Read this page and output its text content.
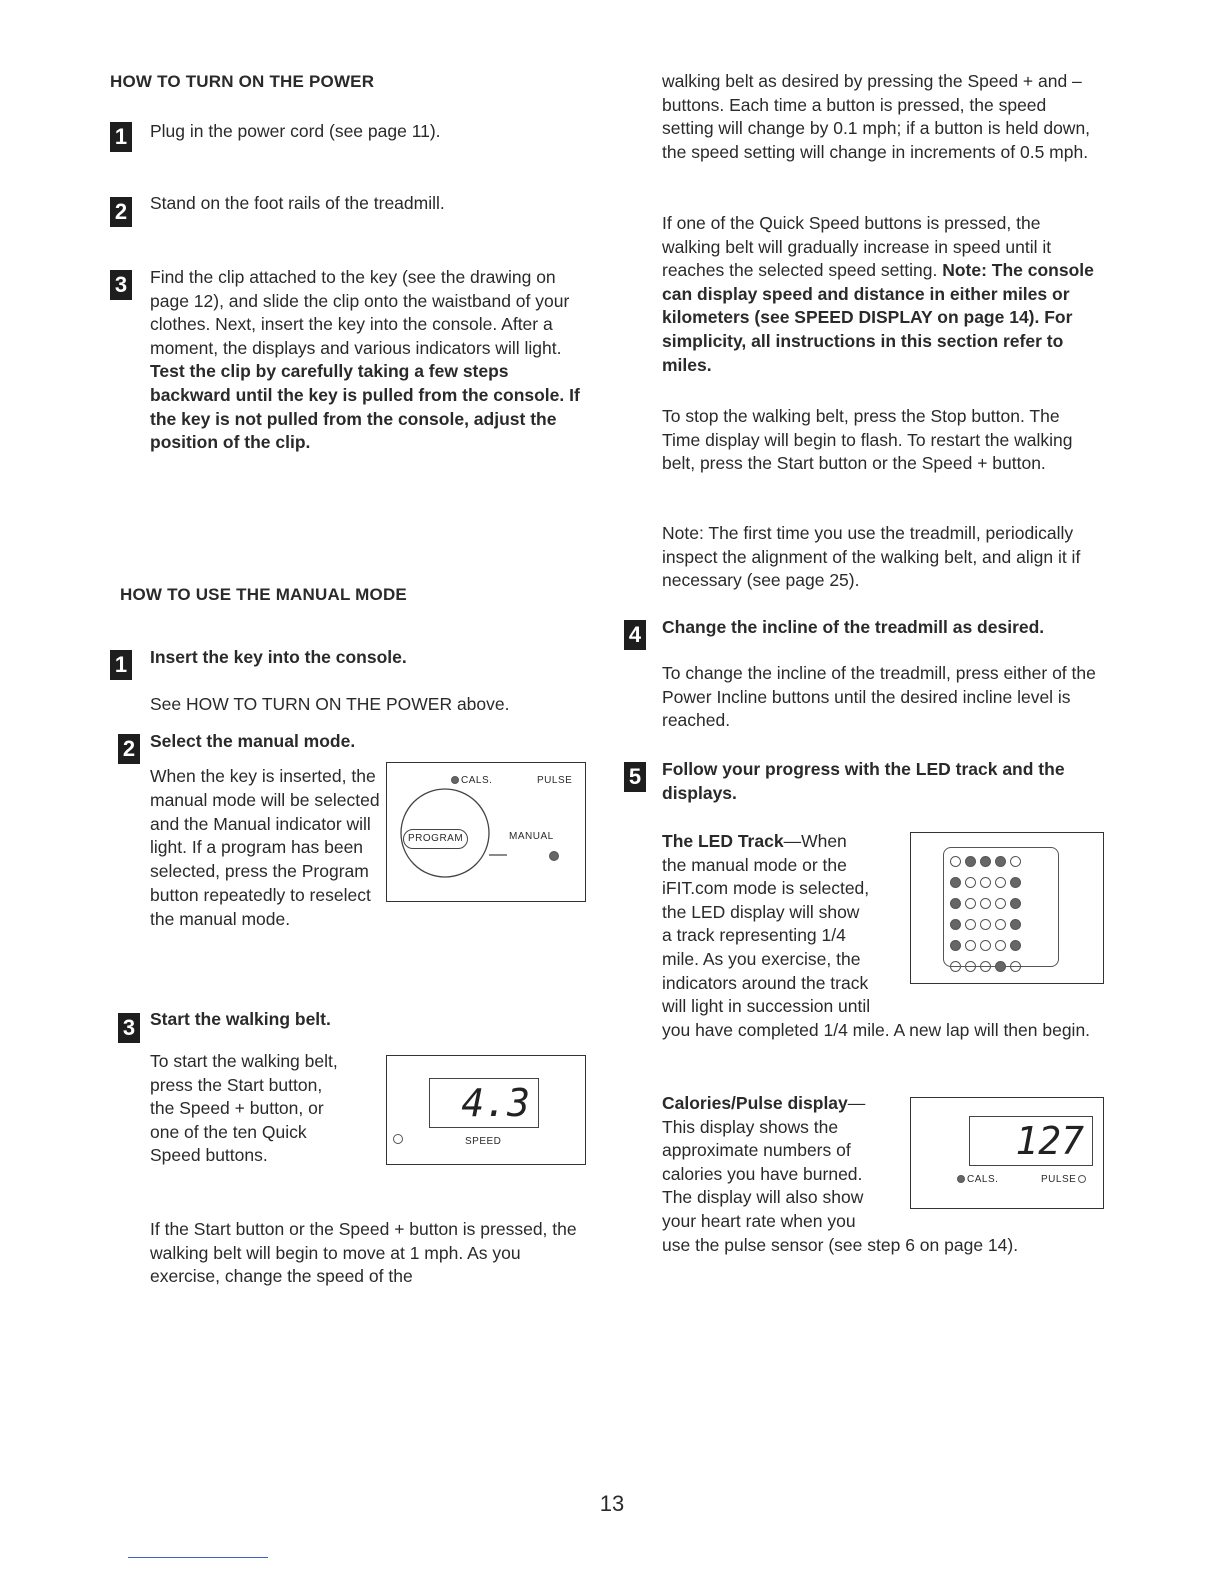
HOW TO TURN ON THE POWER
1 Plug in the power cord (see page 11).

2 Stand on the foot rails of the treadmill.

3 Find the clip attached to the key (see the drawing on page 12), and slide the clip onto the waistband of your clothes. Next, insert the key into the console. After a moment, the displays and various indicators will light. Test the clip by carefully taking a few steps backward until the key is pulled from the console. If the key is not pulled from the console, adjust the position of the clip.

HOW TO USE THE MANUAL MODE
1 Insert the key into the console.

See HOW TO TURN ON THE POWER above.

2 Select the manual mode.

When the key is inserted, the manual mode will be selected and the Manual indicator will light. If a program has been selected, press the Program button repeatedly to reselect the manual mode.

CALS.	PULSE
PROGRAM	MANUAL
3 Start the walking belt.

To start the walking belt, press the Start button, the Speed + button, or one of the ten Quick Speed buttons.

4.3
SPEED

If the Start button or the Speed + button is pressed, the walking belt will begin to move at 1 mph. As you exercise, change the speed of the

walking belt as desired by pressing the Speed + and – buttons. Each time a button is pressed, the speed setting will change by 0.1 mph; if a button is held down, the speed setting will change in increments of 0.5 mph.

If one of the Quick Speed buttons is pressed, the walking belt will gradually increase in speed until it reaches the selected speed setting. Note: The console can display speed and distance in either miles or kilometers (see SPEED DISPLAY on page 14). For simplicity, all instructions in this section refer to miles.

To stop the walking belt, press the Stop button. The Time display will begin to flash. To restart the walking belt, press the Start button or the Speed + button.

Note: The first time you use the treadmill, periodically inspect the alignment of the walking belt, and align it if necessary (see page 25).

4 Change the incline of the treadmill as desired.

To change the incline of the treadmill, press either of the Power Incline buttons until the desired incline level is reached.

5 Follow your progress with the LED track and the displays.

The LED Track—When the manual mode or the iFIT.com mode is selected, the LED display will show a track representing 1/4 mile. As you exercise, the indicators around the track will light in succession until you have completed 1/4 mile. A new lap will then begin.

Calories/Pulse display—This display shows the approximate numbers of calories you have burned. The display will also show your heart rate when you use the pulse sensor (see step 6 on page 14).

127
CALS.	PULSE
13
